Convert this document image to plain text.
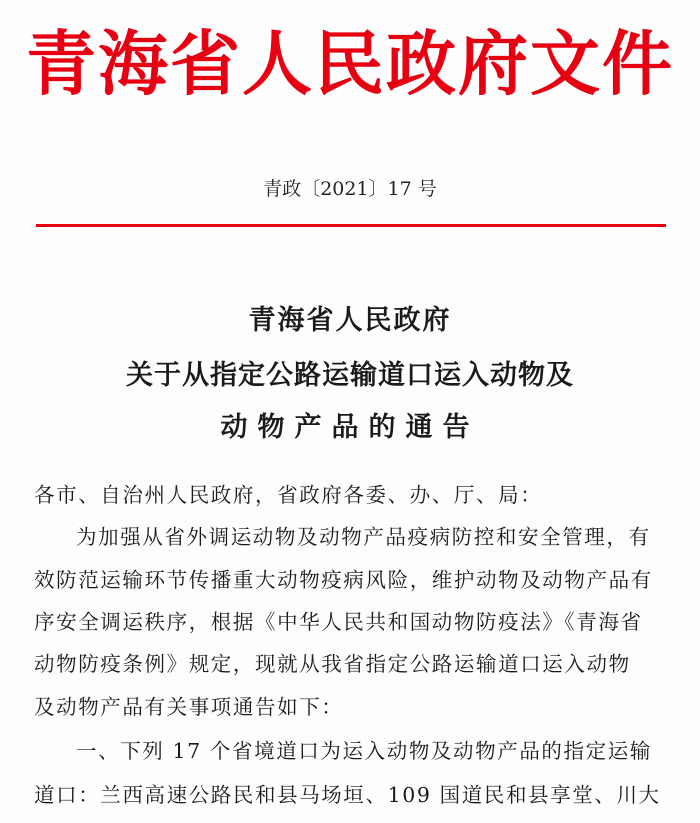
青海省人民政府文件
青政〔2021〕17 号
青海省人民政府
关于从指定公路运输道口运入动物及
动物产品的通告
各市、自治州人民政府，省政府各委、办、厅、局：
为加强从省外调运动物及动物产品疫病防控和安全管理，有
效防范运输环节传播重大动物疫病风险，维护动物及动物产品有
序安全调运秩序，根据《中华人民共和国动物防疫法》《青海省
动物防疫条例》规定，现就从我省指定公路运输道口运入动物
及动物产品有关事项通告如下：
一、下列 17 个省境道口为运入动物及动物产品的指定运输
道口：兰西高速公路民和县马场垣、109 国道民和县享堂、川大
